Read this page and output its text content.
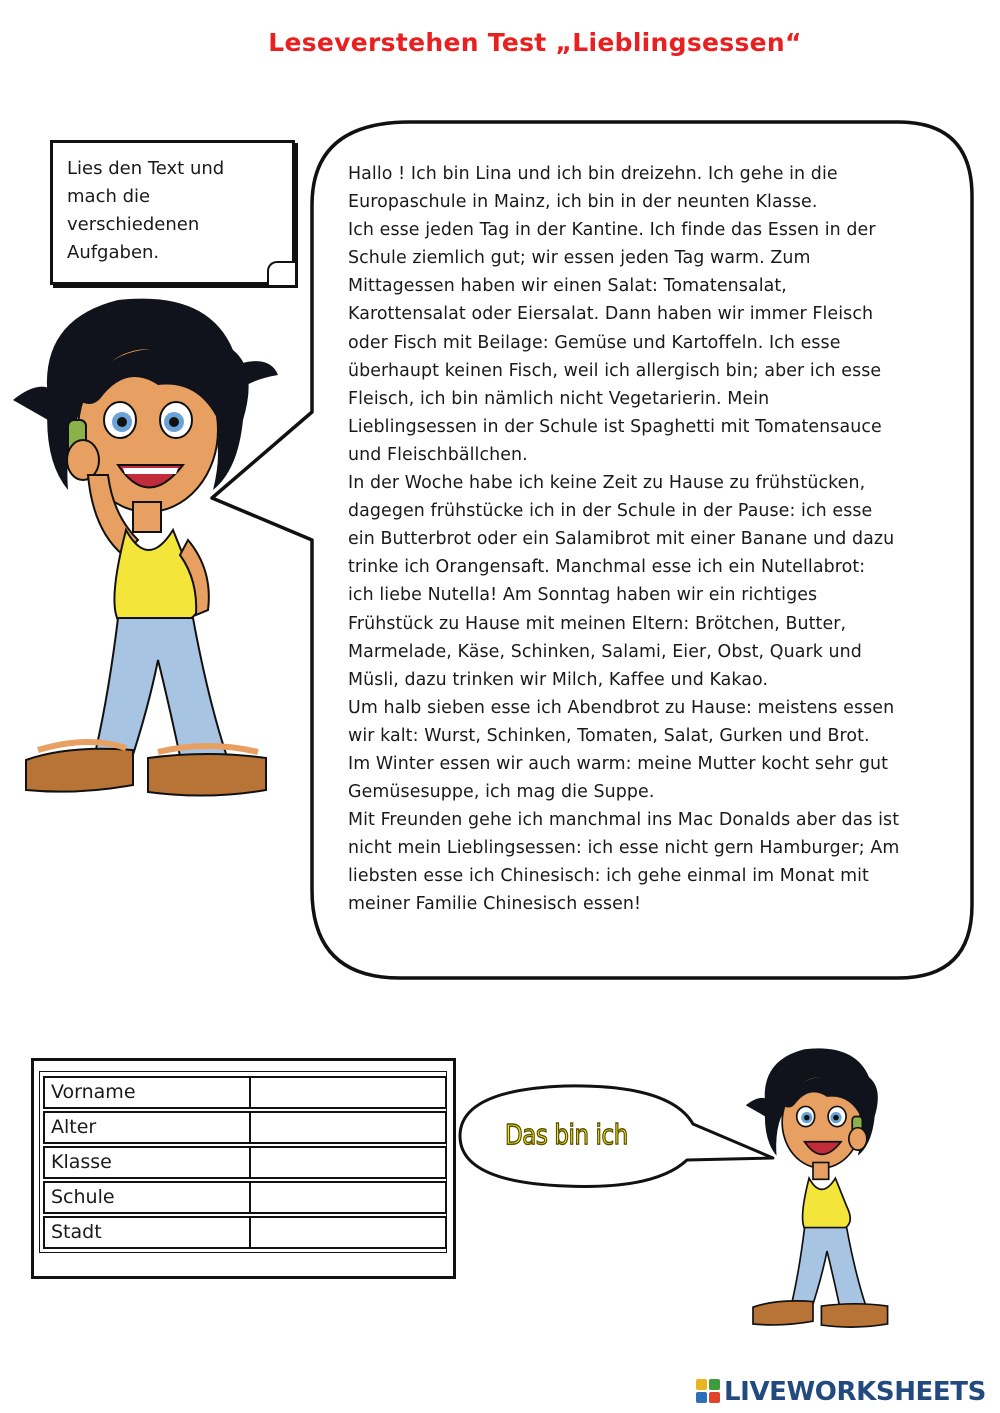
Leseverstehen Test „Lieblingsessen“
Lies den Text und
mach die
verschiedenen
Aufgaben.
Hallo ! Ich bin Lina und ich bin dreizehn. Ich gehe in die
Europaschule in Mainz, ich bin in der neunten Klasse.
Ich esse jeden Tag in der Kantine. Ich finde das Essen in der
Schule ziemlich gut; wir essen jeden Tag warm. Zum
Mittagessen haben wir einen Salat: Tomatensalat,
Karottensalat oder Eiersalat. Dann haben wir immer Fleisch
oder Fisch mit Beilage: Gemüse und Kartoffeln. Ich esse
überhaupt keinen Fisch, weil ich allergisch bin; aber ich esse
Fleisch, ich bin nämlich nicht Vegetarierin. Mein
Lieblingsessen in der Schule ist Spaghetti mit Tomatensauce
und Fleischbällchen.
In der Woche habe ich keine Zeit zu Hause zu frühstücken,
dagegen frühstücke ich in der Schule in der Pause: ich esse
ein Butterbrot oder ein Salamibrot mit einer Banane und dazu
trinke ich Orangensaft. Manchmal esse ich ein Nutellabrot:
ich liebe Nutella! Am Sonntag haben wir ein richtiges
Frühstück zu Hause mit meinen Eltern: Brötchen, Butter,
Marmelade, Käse, Schinken, Salami, Eier, Obst, Quark und
Müsli, dazu trinken wir Milch, Kaffee und Kakao.
Um halb sieben esse ich Abendbrot zu Hause: meistens essen
wir kalt: Wurst, Schinken, Tomaten, Salat, Gurken und Brot.
Im Winter essen wir auch warm: meine Mutter kocht sehr gut
Gemüsesuppe, ich mag die Suppe.
Mit Freunden gehe ich manchmal ins Mac Donalds aber das ist
nicht mein Lieblingsessen: ich esse nicht gern Hamburger; Am
liebsten esse ich Chinesisch: ich gehe einmal im Monat mit
meiner Familie Chinesisch essen!
Vorname
Alter
Klasse
Schule
Stadt
Das bin ich
LIVEWORKSHEETS
